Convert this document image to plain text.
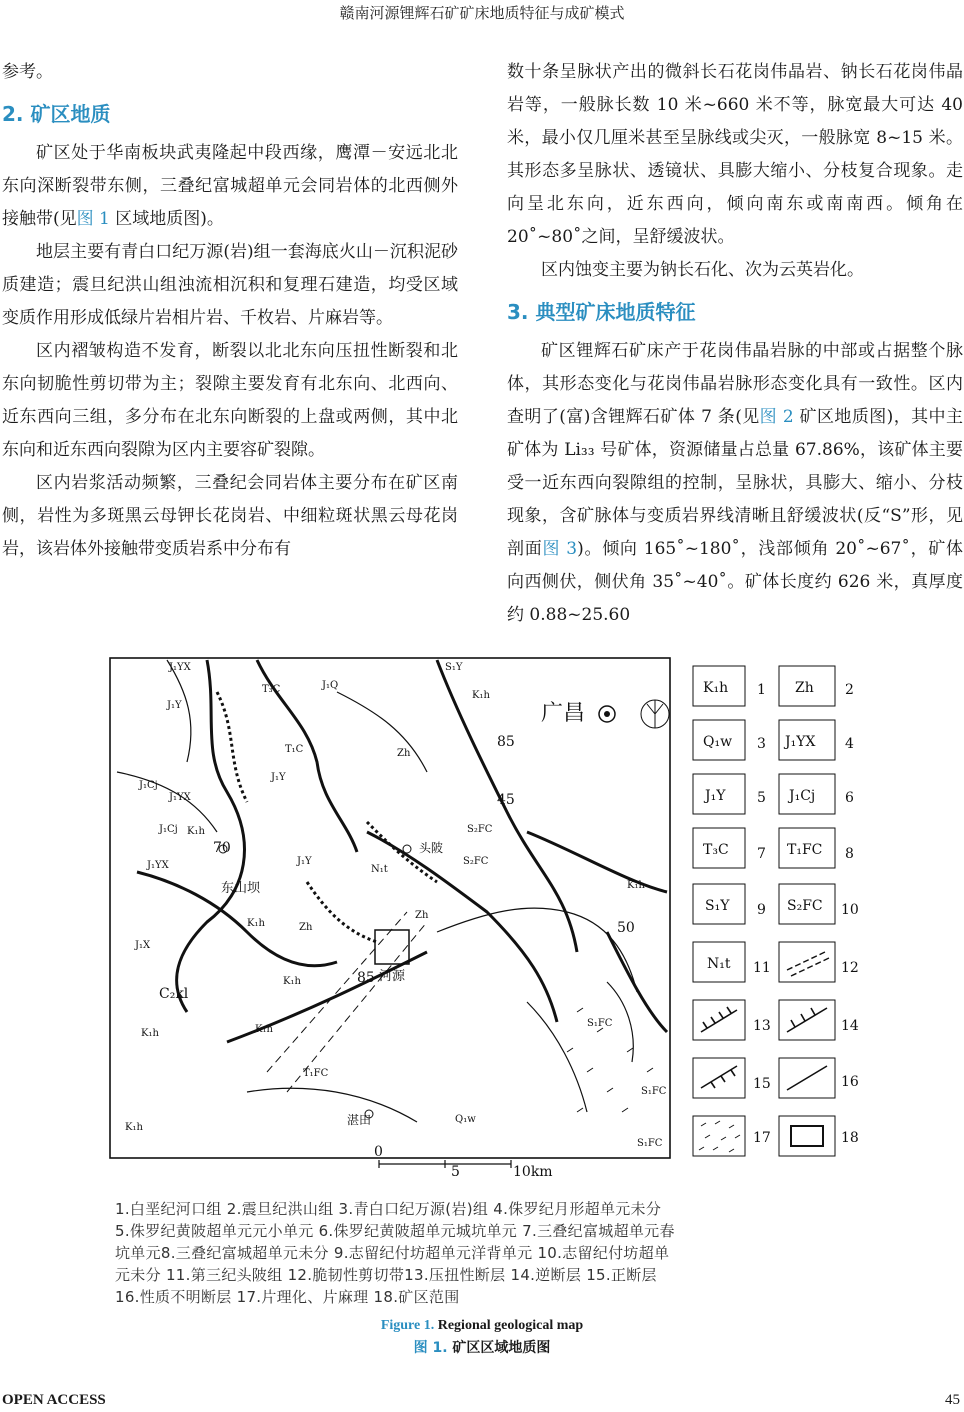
赣南河源锂辉石矿矿床地质特征与成矿模式

参考。

2. 矿区地质

矿区处于华南板块武夷隆起中段西缘，鹰潭－安远北北东向深断裂带东侧，三叠纪富城超单元会同岩体的北西侧外接触带(见图 1 区域地质图)。

地层主要有青白口纪万源(岩)组一套海底火山－沉积泥砂质建造；震旦纪洪山组浊流相沉积和复理石建造，均受区域变质作用形成低绿片岩相片岩、千枚岩、片麻岩等。

区内褶皱构造不发育，断裂以北北东向压扭性断裂和北东向韧脆性剪切带为主；裂隙主要发育有北东向、北西向、近东西向三组，多分布在北东向断裂的上盘或两侧，其中北东向和近东西向裂隙为区内主要容矿裂隙。

区内岩浆活动频繁，三叠纪会同岩体主要分布在矿区南侧，岩性为多斑黑云母钾长花岗岩、中细粒斑状黑云母花岗岩，该岩体外接触带变质岩系中分布有

数十条呈脉状产出的微斜长石花岗伟晶岩、钠长石花岗伟晶岩等，一般脉长数 10 米~660 米不等，脉宽最大可达 40 米，最小仅几厘米甚至呈脉线或尖灭，一般脉宽 8~15 米。其形态多呈脉状、透镜状、具膨大缩小、分枝复合现象。走向呈北东向，近东西向，倾向南东或南南西。倾角在 20˚~80˚之间，呈舒缓波状。

区内蚀变主要为钠长石化、次为云英岩化。

3. 典型矿床地质特征

矿区锂辉石矿床产于花岗伟晶岩脉的中部或占据整个脉体，其形态变化与花岗伟晶岩脉形态变化具有一致性。区内查明了(富)含锂辉石矿体 7 条(见图 2 矿区地质图)，其中主矿体为 Li₃₃ 号矿体，资源储量占总量 67.86%，该矿体主要受一近东西向裂隙组的控制，呈脉状，具膨大、缩小、分枝现象，含矿脉体与变质岩界线清晰且舒缓波状(反“S”形，见剖面图 3)。倾向 165˚~180˚，浅部倾角 20˚~67˚，矿体向西侧伏，侧伏角 35˚~40˚。矿体长度约 626 米，真厚度约 0.88~25.60

J₁YX
J₁Y
T₃C	J₁Q
S₁Y
K₁h
T₁C	Zh
J₁Y
J₁Cj
J₁YX
J₁Cj K₁h	S₂FC
S₂FC
J₁YX	J₁Y
N₁t
K₁h
Zh
K₁h	Zh
J₁X
K₁h
C₂kl
K₁h	K₁h
S₁FC
T₁FC
S₁FC
Q₁w
K₁h
S₁FC
广昌
头陂
东山坝
河源
湛田
85
45
70
50
85
0
5	10km
K₁h 1 Zh 2
Q₁w 3 J₁YX 4
J₁Y 5 J₁Cj 6
T₃C 7 T₁FC 8
S₁Y 9 S₂FC 10
N₁t 11	12
13	14
15	16
17	18
1.白垩纪河口组 2.震旦纪洪山组 3.青白口纪万源(岩)组 4.侏罗纪月形超单元未分
5.侏罗纪黄陂超单元元小单元 6.侏罗纪黄陂超单元城坑单元 7.三叠纪富城超单元春
坑单元8.三叠纪富城超单元未分 9.志留纪付坊超单元洋背单元 10.志留纪付坊超单
元未分 11.第三纪头陂组 12.脆韧性剪切带13.压扭性断层 14.逆断层 15.正断层
16.性质不明断层 17.片理化、片麻理 18.矿区范围
Figure 1. Regional geological map
图 1. 矿区区域地质图
OPEN ACCESS	45
